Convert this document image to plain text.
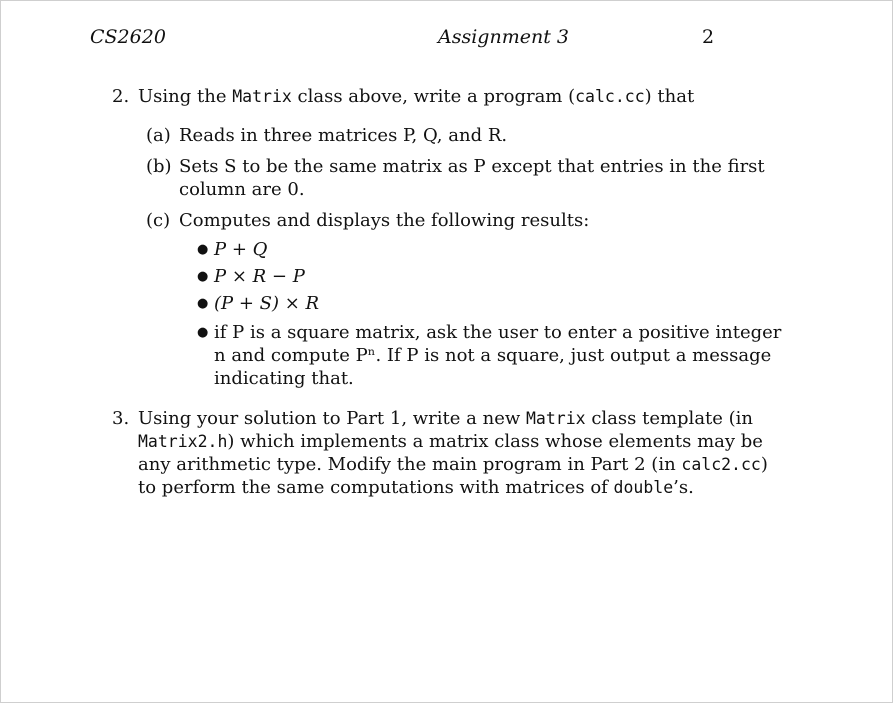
CS2620	Assignment 3	2
2. Using the Matrix class above, write a program (calc.cc) that
(a) Reads in three matrices P, Q, and R.
(b) Sets S to be the same matrix as P except that entries in the first
column are 0.
(c) Computes and displays the following results:
● P + Q
● P × R − P
● (P + S) × R
● if P is a square matrix, ask the user to enter a positive integer
n and compute Pⁿ. If P is not a square, just output a message
indicating that.
3. Using your solution to Part 1, write a new Matrix class template (in
Matrix2.h) which implements a matrix class whose elements may be
any arithmetic type. Modify the main program in Part 2 (in calc2.cc)
to perform the same computations with matrices of double’s.
